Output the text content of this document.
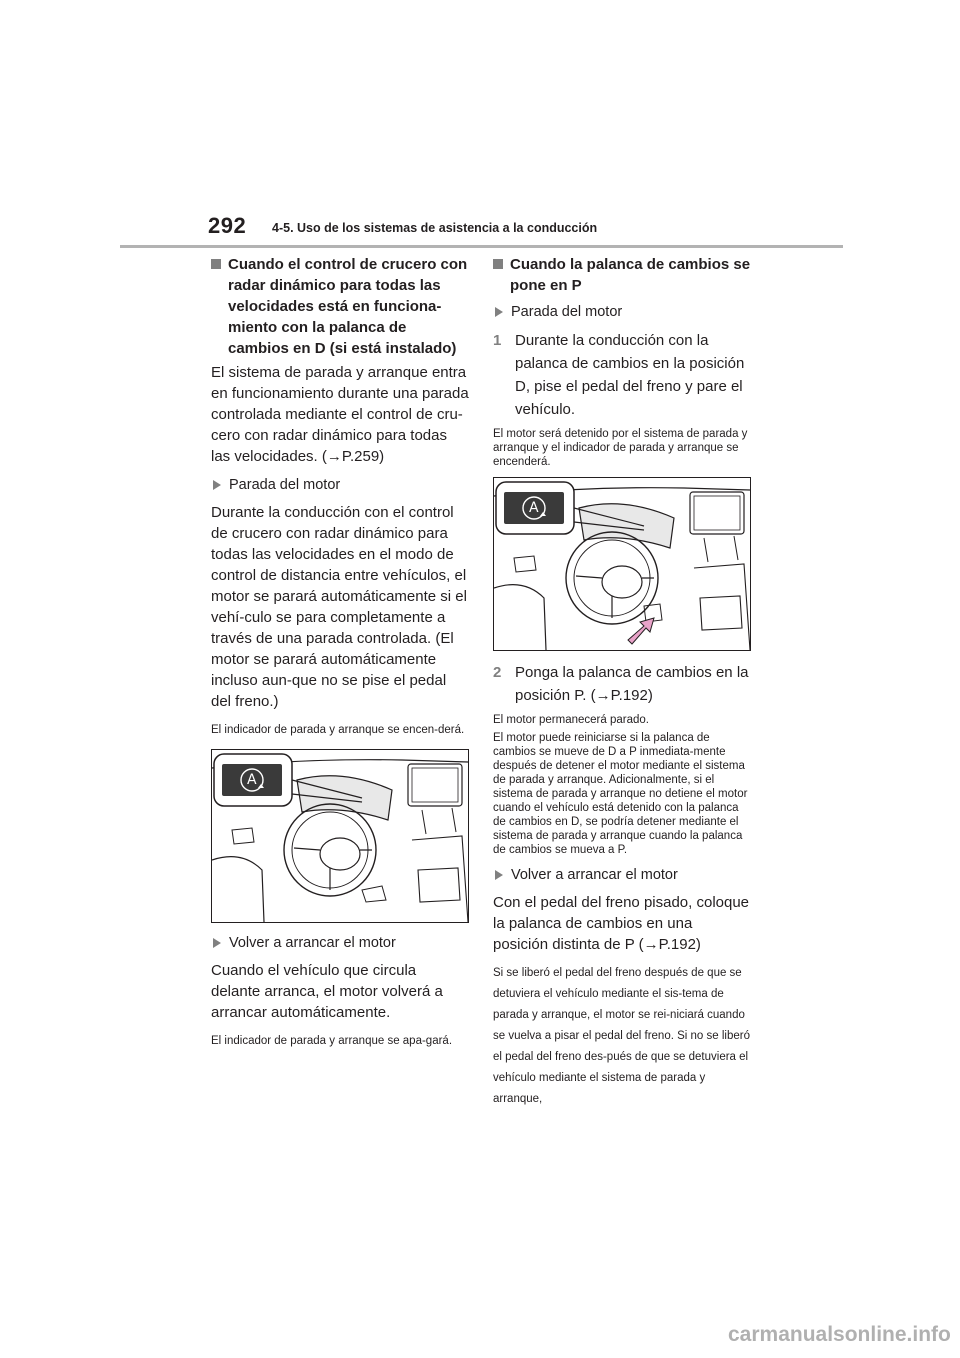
292 4-5. Uso de los sistemas de asistencia a la conducción
Cuando el control de crucero con radar dinámico para todas las velocidades está en funciona-miento con la palanca de cambios en D (si está instalado)

El sistema de parada y arranque entra en funcionamiento durante una parada controlada mediante el control de cru-cero con radar dinámico para todas las velocidades. (→P.259)

Parada del motor

Durante la conducción con el control de crucero con radar dinámico para todas las velocidades en el modo de control de distancia entre vehículos, el motor se parará automáticamente si el vehí-culo se para completamente a través de una parada controlada. (El motor se parará automáticamente incluso aun-que no se pise el pedal del freno.)

El indicador de parada y arranque se encen-derá.

A
Volver a arrancar el motor

Cuando el vehículo que circula delante arranca, el motor volverá a arrancar automáticamente.

El indicador de parada y arranque se apa-gará.

Cuando la palanca de cambios se pone en P
Parada del motor
1 Durante la conducción con la palanca de cambios en la posición D, pise el pedal del freno y pare el vehículo.

El motor será detenido por el sistema de parada y arranque y el indicador de parada y arranque se encenderá.

A
2 Ponga la palanca de cambios en la posición P. (→P.192)

El motor permanecerá parado.

El motor puede reiniciarse si la palanca de cambios se mueve de D a P inmediata-mente después de detener el motor mediante el sistema de parada y arranque. Adicionalmente, si el sistema de parada y arranque no detiene el motor cuando el vehículo está detenido con la palanca de cambios en D, se podría detener mediante el sistema de parada y arranque cuando la palanca de cambios se mueva a P.

Volver a arrancar el motor

Con el pedal del freno pisado, coloque la palanca de cambios en una posición distinta de P (→P.192)

Si se liberó el pedal del freno después de que se detuviera el vehículo mediante el sis-tema de parada y arranque, el motor se rei-niciará cuando se vuelva a pisar el pedal del freno. Si no se liberó el pedal del freno des-pués de que se detuviera el vehículo mediante el sistema de parada y arranque,

carmanualsonline.info
